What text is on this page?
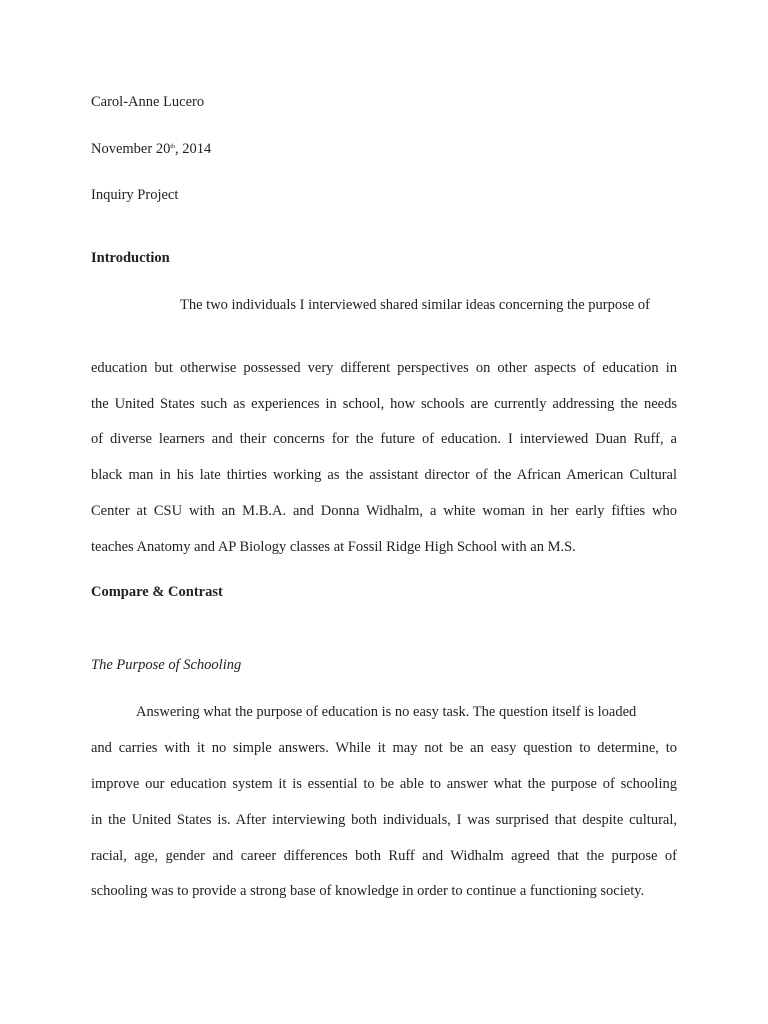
Carol-Anne Lucero
November 20th, 2014
Inquiry Project
Introduction
The two individuals I interviewed shared similar ideas concerning the purpose of
education but otherwise possessed very different perspectives on other aspects of education in
the United States such as experiences in school, how schools are currently addressing the needs
of diverse learners and their concerns for the future of education. I interviewed Duan Ruff, a
black man in his late thirties working as the assistant director of the African American Cultural
Center at CSU with an M.B.A. and Donna Widhalm, a white woman in her early fifties who
teaches Anatomy and AP Biology classes at Fossil Ridge High School with an M.S.
Compare & Contrast
The Purpose of Schooling
Answering what the purpose of education is no easy task. The question itself is loaded
and carries with it no simple answers. While it may not be an easy question to determine, to
improve our education system it is essential to be able to answer what the purpose of schooling
in the United States is. After interviewing both individuals, I was surprised that despite cultural,
racial, age, gender and career differences both Ruff and Widhalm agreed that the purpose of
schooling was to provide a strong base of knowledge in order to continue a functioning society.
